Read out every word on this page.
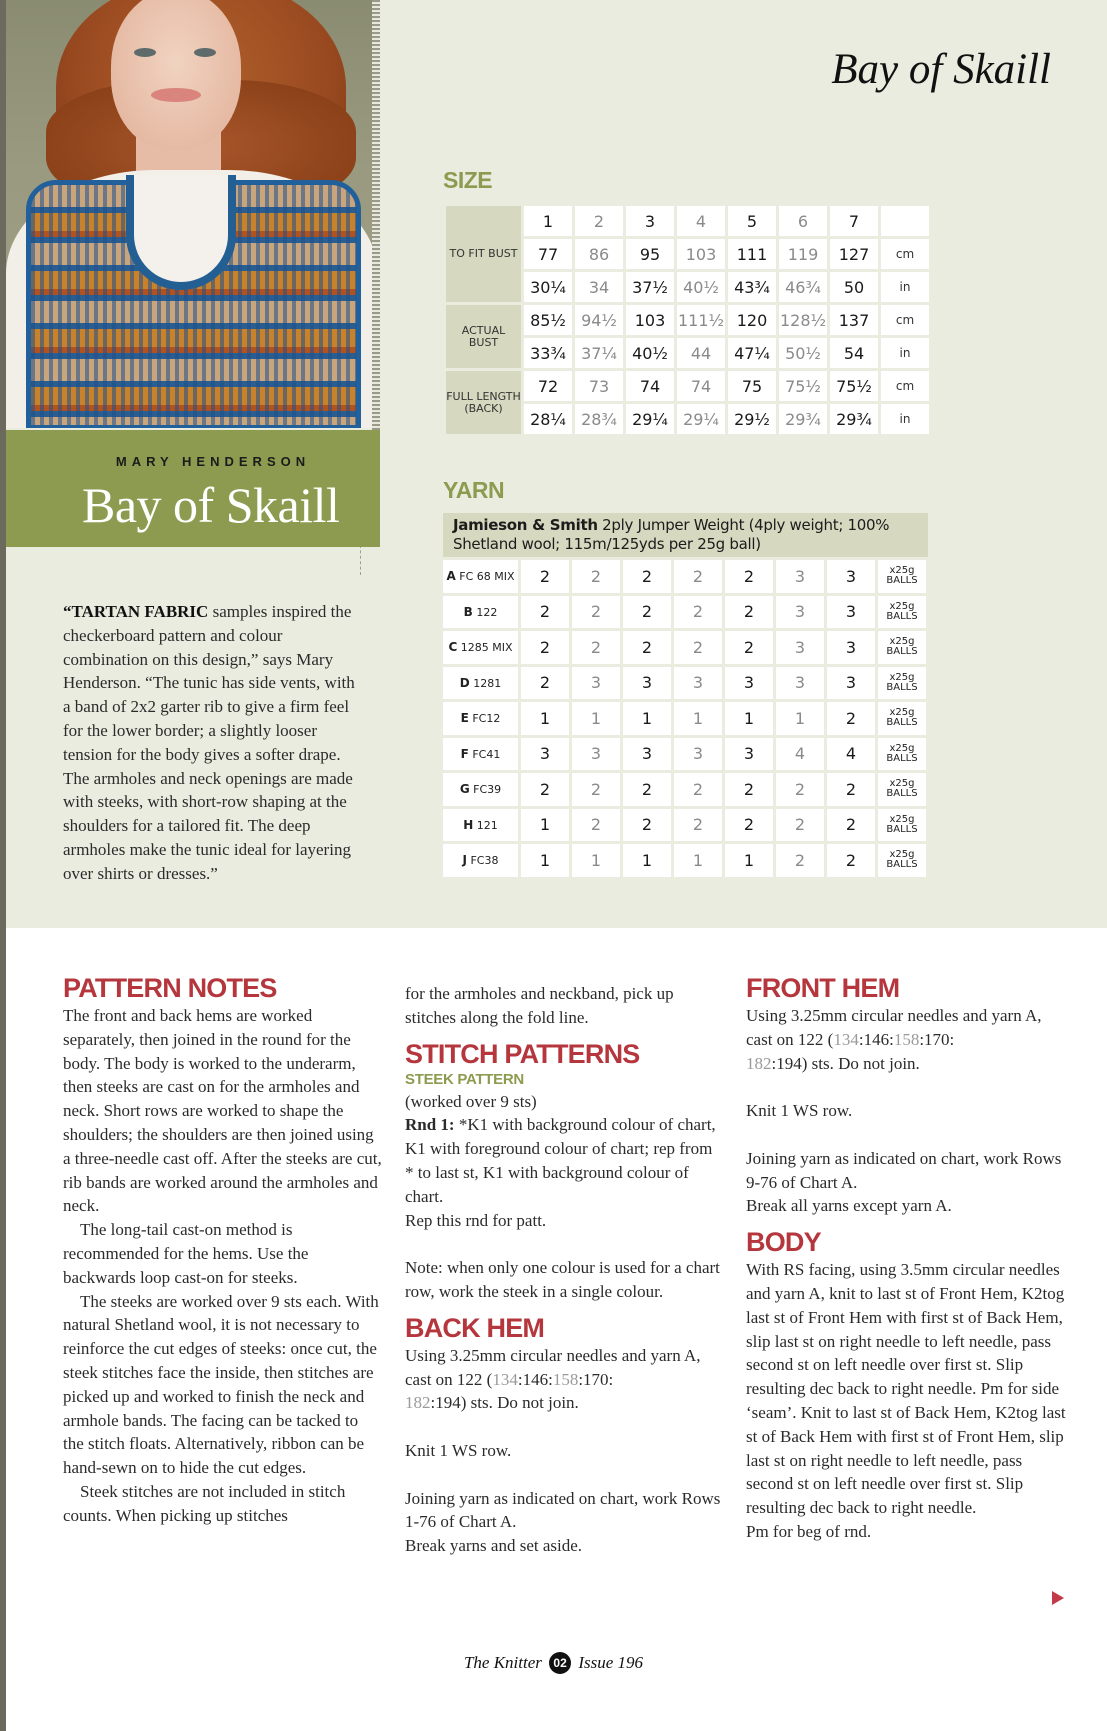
MARY HENDERSON
Bay of Skaill
“TARTAN FABRIC samples inspired the checkerboard pattern and colour combination on this design,” says Mary Henderson. “The tunic has side vents, with a band of 2x2 garter rib to give a firm feel for the lower border; a slightly looser tension for the body gives a softer drape. The armholes and neck openings are made with steeks, with short-row shaping at the shoulders for a tailored fit. The deep armholes make the tunic ideal for layering over shirts or dresses.”
Bay of Skaill
SIZE
TO FIT BUST	1	2	3	4	5	6	7	
	77	86	95	103	111	119	127	cm
	30¼	34	37½	40½	43¾	46¾	50	in
ACTUAL BUST	85½	94½	103	111½	120	128½	137	cm
	33¾	37¼	40½	44	47¼	50½	54	in
FULL LENGTH (BACK)	72	73	74	74	75	75½	75½	cm
	28¼	28¾	29¼	29¼	29½	29¾	29¾	in
YARN
Jamieson & Smith 2ply Jumper Weight (4ply weight; 100% Shetland wool; 115m/125yds per 25g ball)
A FC 68 MIX	2	2	2	2	2	3	3	x25g
BALLS

B 122	2	2	2	2	2	3	3	x25g
BALLS

C 1285 MIX	2	2	2	2	2	3	3	x25g
BALLS

D 1281	2	3	3	3	3	3	3	x25g
BALLS

E FC12	1	1	1	1	1	1	2	x25g
BALLS

F FC41	3	3	3	3	3	4	4	x25g
BALLS

G FC39	2	2	2	2	2	2	2	x25g
BALLS

H 121	1	2	2	2	2	2	2	x25g
BALLS

J FC38	1	1	1	1	1	2	2	x25g
BALLS
PATTERN NOTES

The front and back hems are worked separately, then joined in the round for the body. The body is worked to the underarm, then steeks are cast on for the armholes and neck. Short rows are worked to shape the shoulders; the shoulders are then joined using a three-needle cast off. After the steeks are cut, rib bands are worked around the armholes and neck.

The long-tail cast-on method is recommended for the hems. Use the backwards loop cast-on for steeks.

The steeks are worked over 9 sts each. With natural Shetland wool, it is not necessary to reinforce the cut edges of steeks: once cut, the steek stitches face the inside, then stitches are picked up and worked to finish the neck and armhole bands. The facing can be tacked to the stitch floats. Alternatively, ribbon can be hand-sewn on to hide the cut edges.

Steek stitches are not included in stitch counts. When picking up stitches

for the armholes and neckband, pick up stitches along the fold line.

STITCH PATTERNS
STEEK PATTERN

(worked over 9 sts)

Rnd 1: *K1 with background colour of chart, K1 with foreground colour of chart; rep from * to last st, K1 with background colour of chart.

Rep this rnd for patt.

Note: when only one colour is used for a chart row, work the steek in a single colour.

BACK HEM

Using 3.25mm circular needles and yarn A, cast on 122 (134:146:158:170:
182:194) sts. Do not join.

Knit 1 WS row.

Joining yarn as indicated on chart, work Rows 1-76 of Chart A.

Break yarns and set aside.

FRONT HEM

Using 3.25mm circular needles and yarn A, cast on 122 (134:146:158:170:
182:194) sts. Do not join.

Knit 1 WS row.

Joining yarn as indicated on chart, work Rows 9-76 of Chart A.

Break all yarns except yarn A.

BODY

With RS facing, using 3.5mm circular needles and yarn A, knit to last st of Front Hem, K2tog last st of Front Hem with first st of Back Hem, slip last st on right needle to left needle, pass second st on left needle over first st. Slip resulting dec back to right needle. Pm for side ‘seam’. Knit to last st of Back Hem, K2tog last st of Back Hem with first st of Front Hem, slip last st on right needle to left needle, pass second st on left needle over first st. Slip resulting dec back to right needle.

Pm for beg of rnd.

The Knitter 02 Issue 196
